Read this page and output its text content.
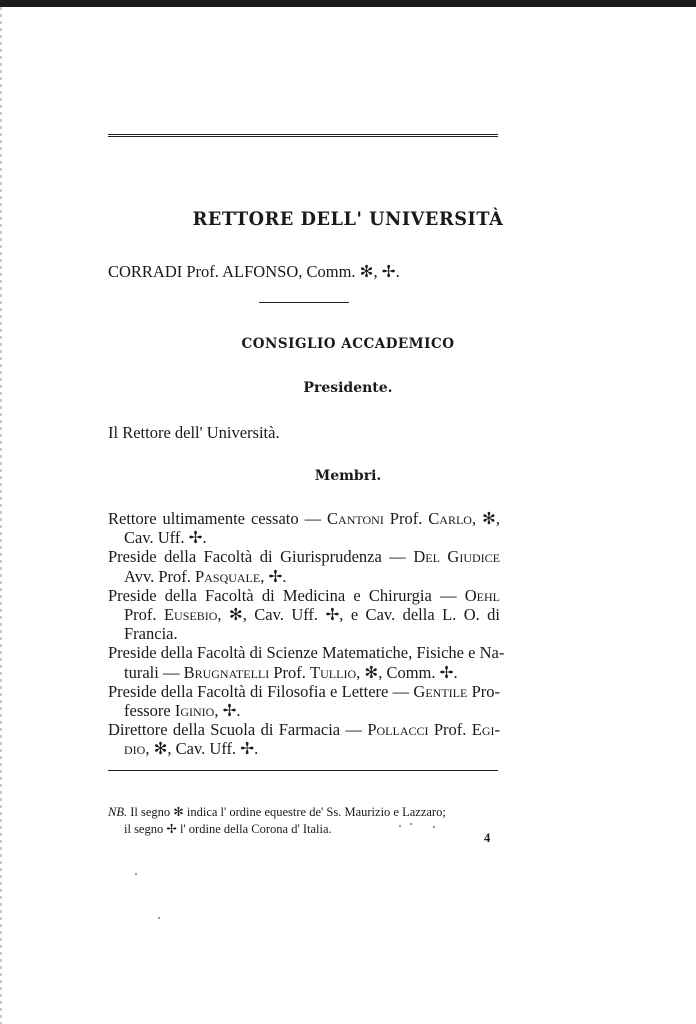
RETTORE DELL' UNIVERSITÀ
CORRADI Prof. ALFONSO, Comm. ✻, ✢.
CONSIGLIO ACCADEMICO
Presidente.
Il Rettore dell' Università.
Membri.
Rettore ultimamente cessato — Cantoni Prof. Carlo, ✻,
Cav. Uff. ✢.
Preside della Facoltà di Giurisprudenza — Del Giudice
Avv. Prof. Pasquale, ✢.
Preside della Facoltà di Medicina e Chirurgia — Oehl
Prof. Eusebio, ✻, Cav. Uff. ✢, e Cav. della L. O. di
Francia.
Preside della Facoltà di Scienze Matematiche, Fisiche e Na-
turali — Brugnatelli Prof. Tullio, ✻, Comm. ✢.
Preside della Facoltà di Filosofia e Lettere — Gentile Pro-
fessore Iginio, ✢.
Direttore della Scuola di Farmacia — Pollacci Prof. Egi-
dio, ✻, Cav. Uff. ✢.
NB. Il segno ✻ indica l' ordine equestre de' Ss. Maurizio e Lazzaro;
il segno ✢ l' ordine della Corona d' Italia.
4
